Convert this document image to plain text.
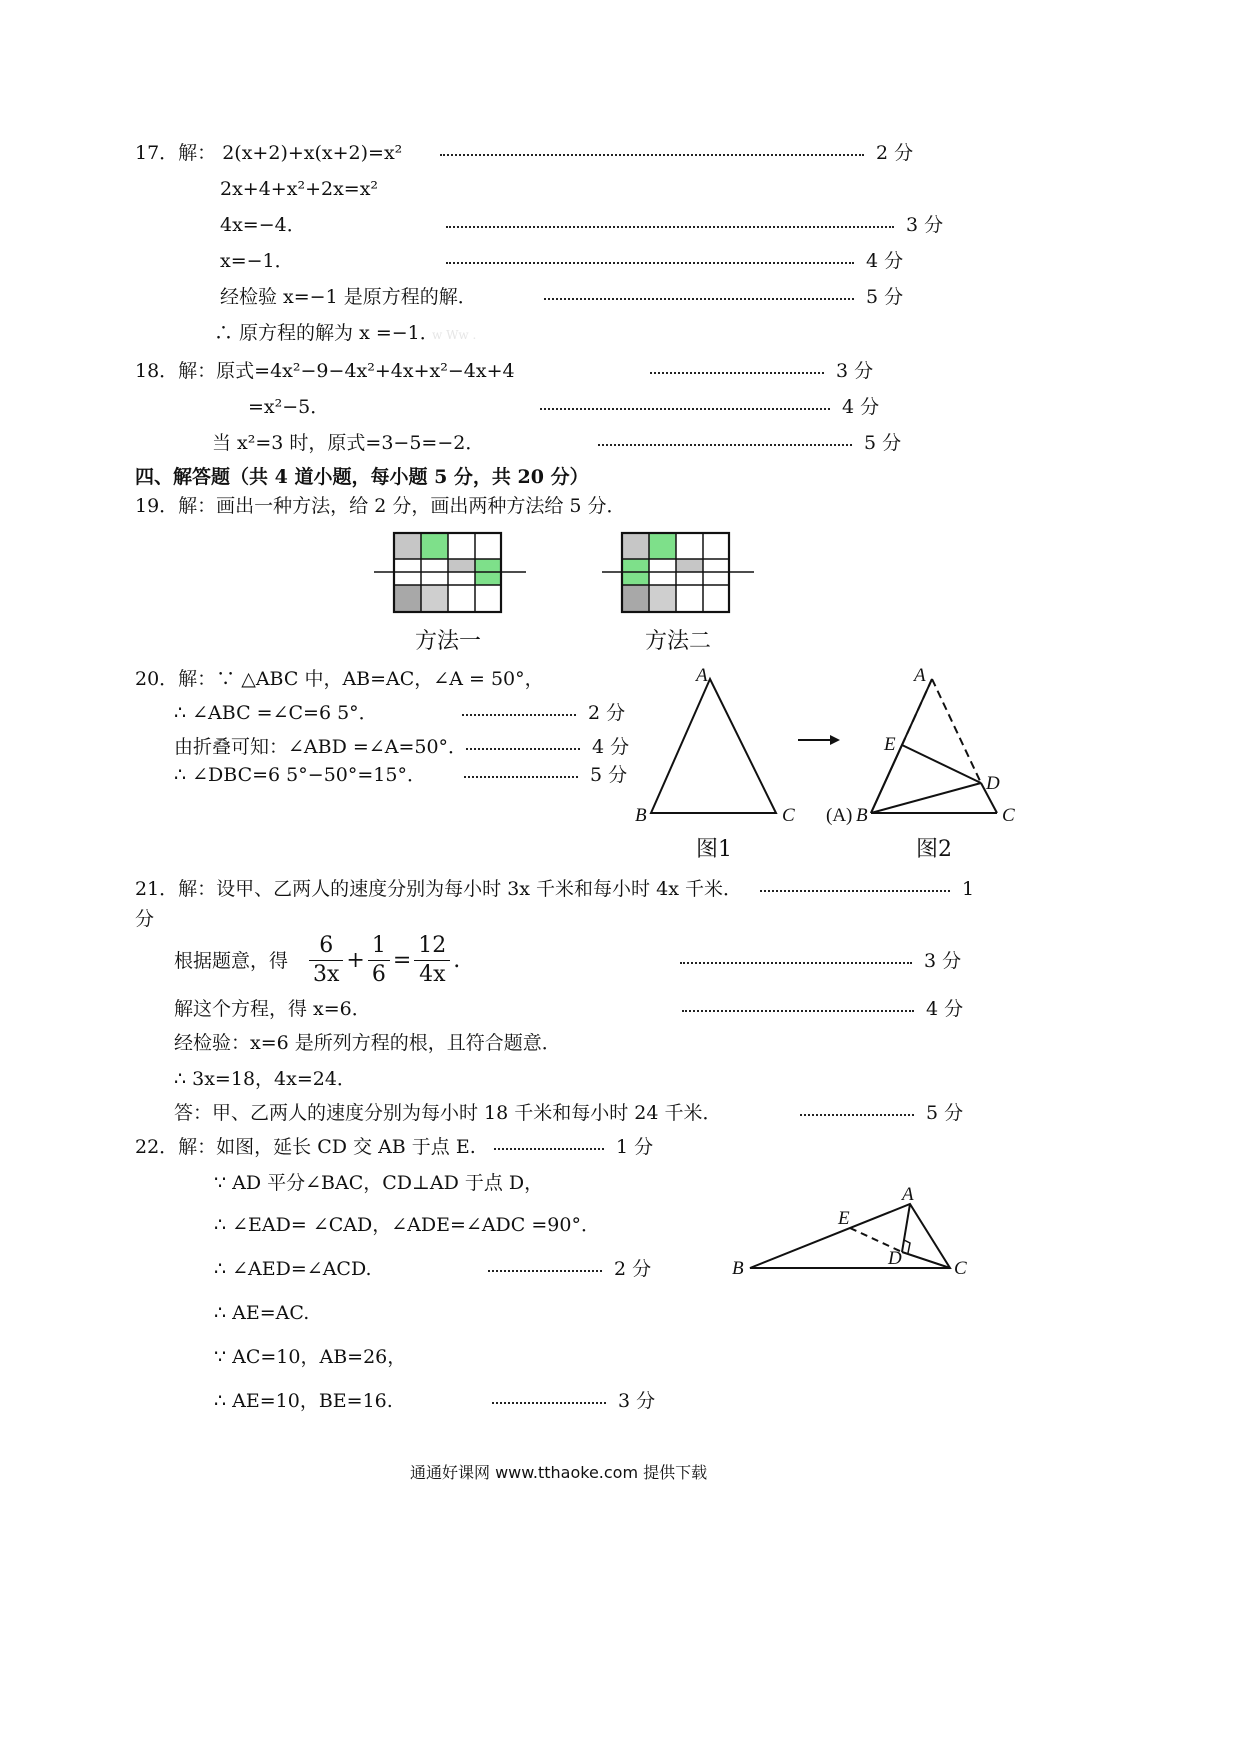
17．解： 2(x+2)+x(x+2)=x²	2 分
2x+4+x²+2x=x²
4x=−4．	3 分
x=−1．	4 分
经检验 x=−1 是原方程的解．	5 分
∴ 原方程的解为 x =−1．
w Ww .
18．解：原式=4x²−9−4x²+4x+x²−4x+4	3 分
=x²−5．	4 分
当 x²=3 时，原式=3−5=−2．	5 分
四、解答题（共 4 道小题，每小题 5 分，共 20 分）
19．解：画出一种方法，给 2 分，画出两种方法给 5 分．
方法一	方法二
20．解：∵ △ABC 中，AB=AC，∠A = 50°，
∴ ∠ABC =∠C=6 5°．	2 分
由折叠可知：∠ABD =∠A=50°．	4 分
∴ ∠DBC=6 5°−50°=15°．	5 分
A
B	C
图1
A
E
D
(A) B	C
图2
21．解：设甲、乙两人的速度分别为每小时 3x 千米和每小时 4x 千米．	1
分
根据题意，得
6
3x
+
1
6
=
12
4x
.	3 分
解这个方程，得 x=6．	4 分
经检验：x=6 是所列方程的根，且符合题意．
∴ 3x=18，4x=24．
答：甲、乙两人的速度分别为每小时 18 千米和每小时 24 千米．	5 分
22．解：如图，延长 CD 交 AB 于点 E.	1 分
∵ AD 平分∠BAC，CD⊥AD 于点 D，
∴ ∠EAD= ∠CAD，∠ADE=∠ADC =90°．
∴ ∠AED=∠ACD.	2 分
∴ AE=AC.
∵ AC=10，AB=26，
∴ AE=10，BE=16.	3 分
A
E
D
B	C
通通好课网 www.tthaoke.com 提供下载
